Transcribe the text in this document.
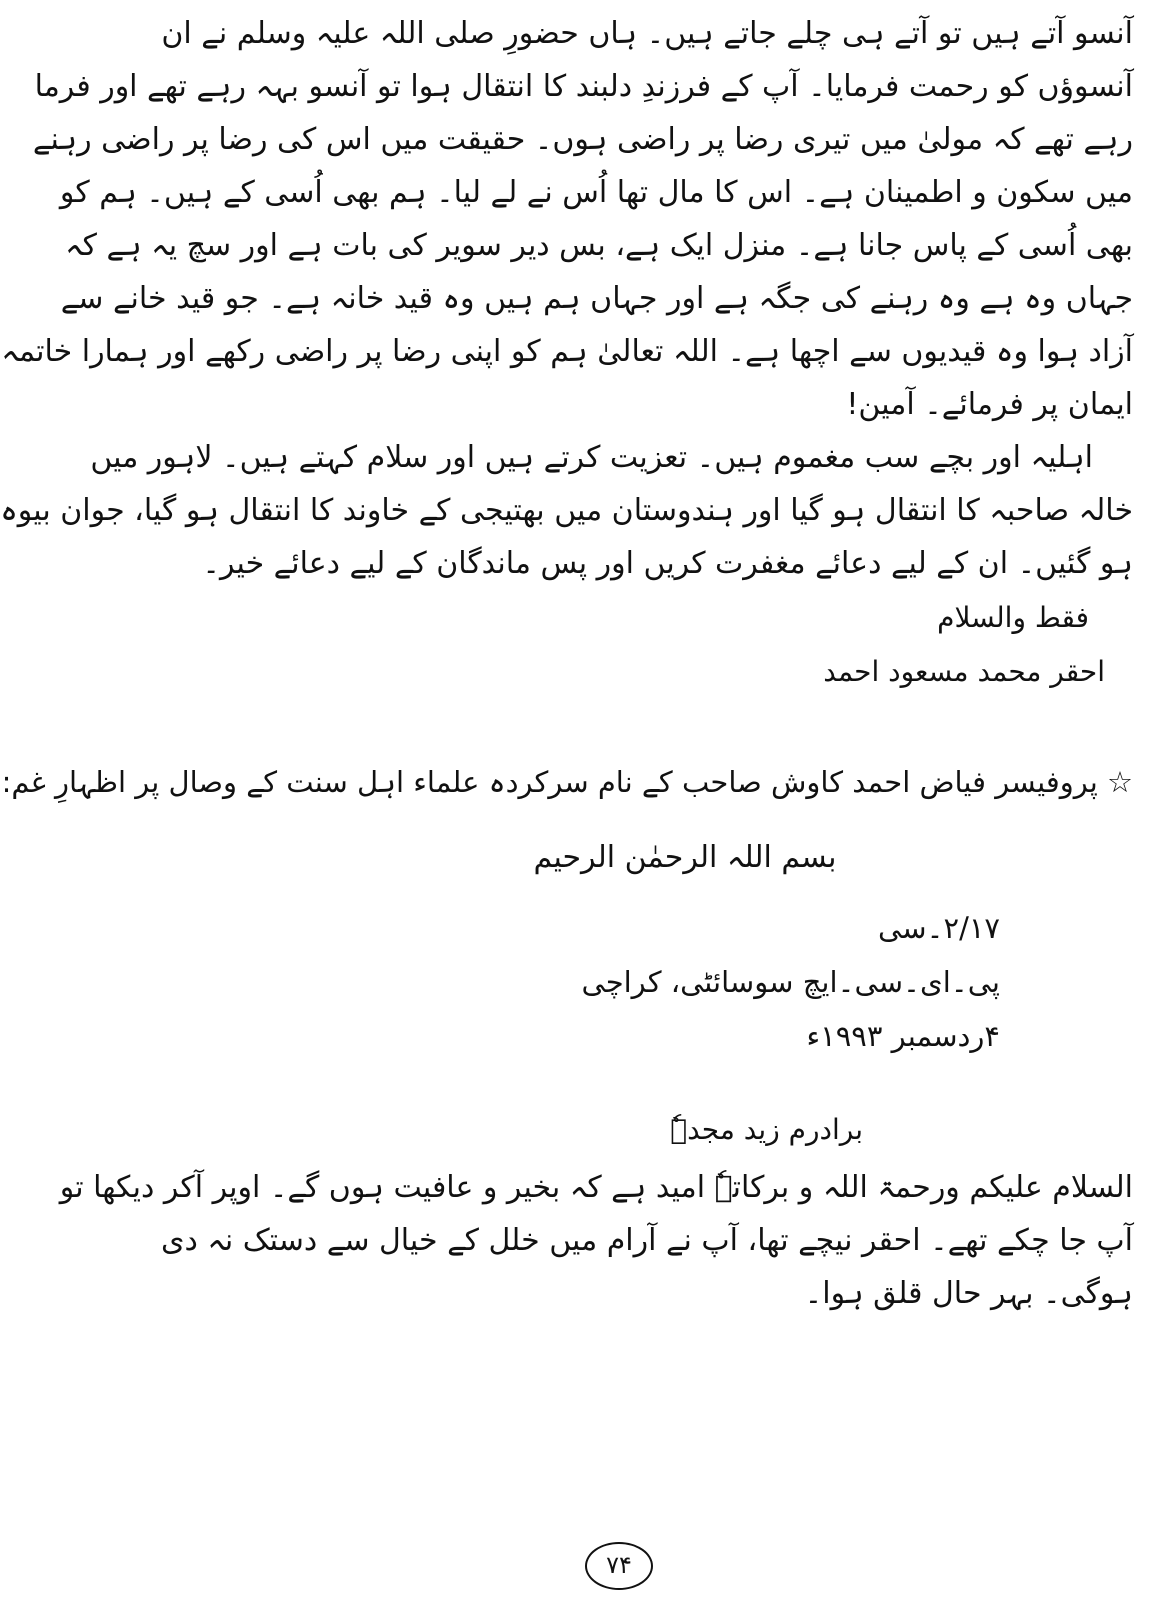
آنسو آتے ہیں تو آتے ہی چلے جاتے ہیں۔ ہاں حضورِ صلی اللہ علیہ وسلم نے ان
آنسوؤں کو رحمت فرمایا۔ آپ کے فرزندِ دلبند کا انتقال ہوا تو آنسو بہہ رہے تھے اور فرما
رہے تھے کہ مولیٰ میں تیری رضا پر راضی ہوں۔ حقیقت میں اس کی رضا پر راضی رہنے
میں سکون و اطمینان ہے۔ اس کا مال تھا اُس نے لے لیا۔ ہم بھی اُسی کے ہیں۔ ہم کو
بھی اُسی کے پاس جانا ہے۔ منزل ایک ہے، بس دیر سویر کی بات ہے اور سچ یہ ہے کہ
جہاں وہ ہے وہ رہنے کی جگہ ہے اور جہاں ہم ہیں وہ قید خانہ ہے۔ جو قید خانے سے
آزاد ہوا وہ قیدیوں سے اچھا ہے۔ اللہ تعالیٰ ہم کو اپنی رضا پر راضی رکھے اور ہمارا خاتمہ
ایمان پر فرمائے۔ آمین!
اہلیہ اور بچے سب مغموم ہیں۔ تعزیت کرتے ہیں اور سلام کہتے ہیں۔ لاہور میں
خالہ صاحبہ کا انتقال ہو گیا اور ہندوستان میں بھتیجی کے خاوند کا انتقال ہو گیا، جوان بیوہ
ہو گئیں۔ ان کے لیے دعائے مغفرت کریں اور پس ماندگان کے لیے دعائے خیر۔
فقط والسلام
احقر محمد مسعود احمد
☆ پروفیسر فیاض احمد کاوش صاحب کے نام سرکردہ علماء اہل سنت کے وصال پر اظہارِ غم:
بسم اللہ الرحمٰن الرحیم
۲/۱۷۔سی
پی۔ای۔سی۔ایچ سوسائٹی، کراچی
۴ردسمبر ۱۹۹۳ء
برادرم زید مجدہٗ
السلام علیکم ورحمۃ اللہ و برکاتہٗ امید ہے کہ بخیر و عافیت ہوں گے۔ اوپر آکر دیکھا تو
آپ جا چکے تھے۔ احقر نیچے تھا، آپ نے آرام میں خلل کے خیال سے دستک نہ دی
ہوگی۔ بہر حال قلق ہوا۔
۷۴
